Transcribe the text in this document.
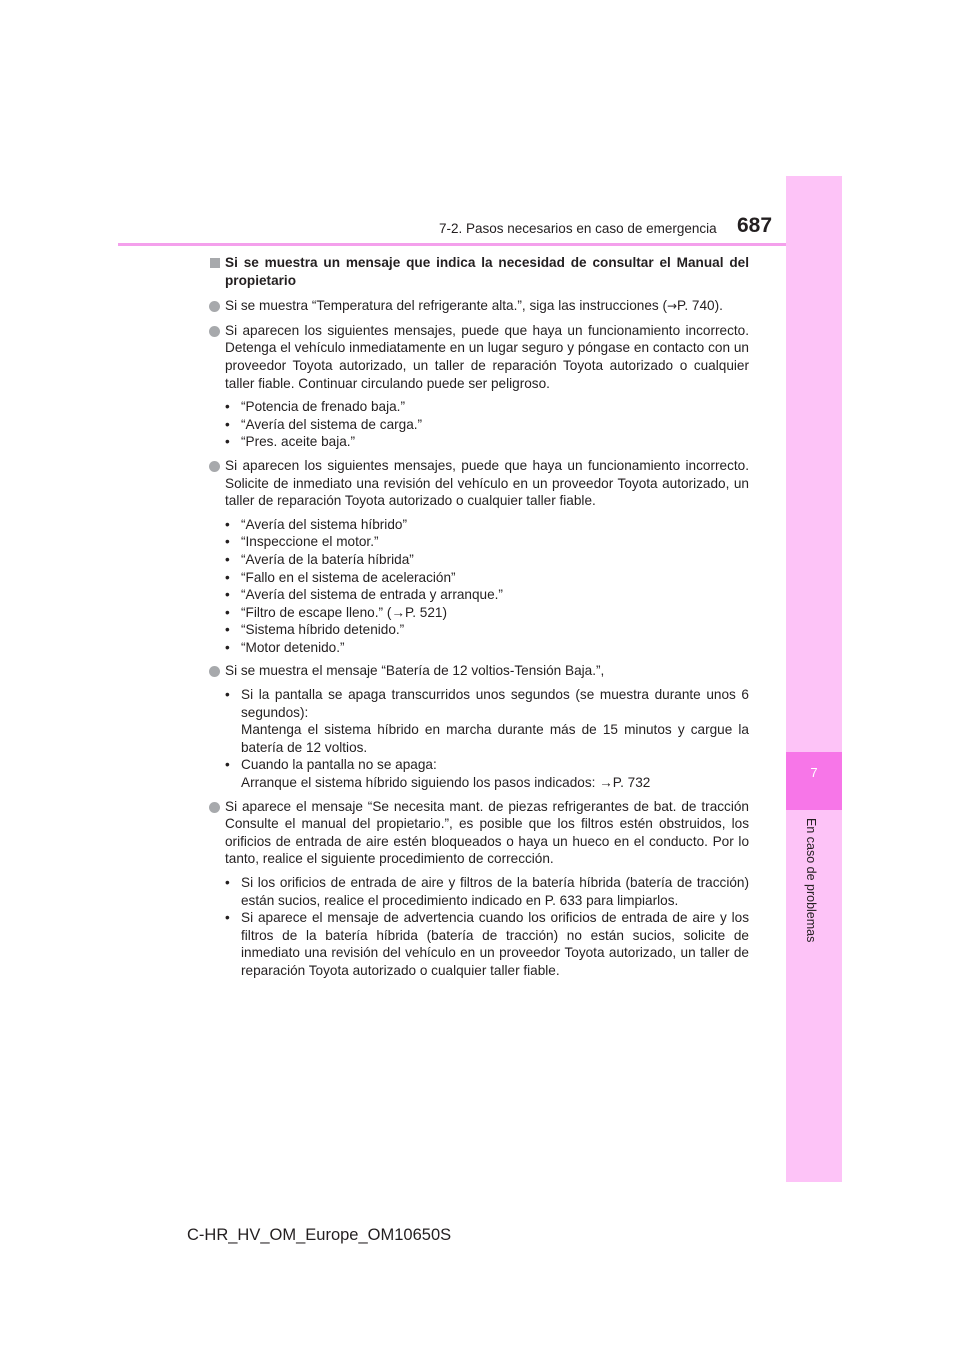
7-2. Pasos necesarios en caso de emergencia 687
7
En caso de problemas
Si se muestra un mensaje que indica la necesidad de consultar el Manual del propietario
Si se muestra “Temperatura del refrigerante alta.”, siga las instrucciones (→P. 740).
Si aparecen los siguientes mensajes, puede que haya un funcionamiento incorrecto. Detenga el vehículo inmediatamente en un lugar seguro y póngase en contacto con un proveedor Toyota autorizado, un taller de reparación Toyota autorizado o cualquier taller fiable. Continuar circulando puede ser peligroso.
• “Potencia de frenado baja.”
• “Avería del sistema de carga.”
• “Pres. aceite baja.”
Si aparecen los siguientes mensajes, puede que haya un funcionamiento incorrecto. Solicite de inmediato una revisión del vehículo en un proveedor Toyota autorizado, un taller de reparación Toyota autorizado o cualquier taller fiable.
• “Avería del sistema híbrido”
• “Inspeccione el motor.”
• “Avería de la batería híbrida”
• “Fallo en el sistema de aceleración”
• “Avería del sistema de entrada y arranque.”
• “Filtro de escape lleno.” (→P. 521)
• “Sistema híbrido detenido.”
• “Motor detenido.”
Si se muestra el mensaje “Batería de 12 voltios-Tensión Baja.”,
• Si la pantalla se apaga transcurridos unos segundos (se muestra durante unos 6 segundos):
Mantenga el sistema híbrido en marcha durante más de 15 minutos y cargue la batería de 12 voltios.
• Cuando la pantalla no se apaga:
Arranque el sistema híbrido siguiendo los pasos indicados: →P. 732
Si aparece el mensaje “Se necesita mant. de piezas refrigerantes de bat. de tracción Consulte el manual del propietario.”, es posible que los filtros estén obstruidos, los orificios de entrada de aire estén bloqueados o haya un hueco en el conducto. Por lo tanto, realice el siguiente procedimiento de corrección.
• Si los orificios de entrada de aire y filtros de la batería híbrida (batería de tracción) están sucios, realice el procedimiento indicado en P. 633 para limpiarlos.
• Si aparece el mensaje de advertencia cuando los orificios de entrada de aire y los filtros de la batería híbrida (batería de tracción) no están sucios, solicite de inmediato una revisión del vehículo en un proveedor Toyota autorizado, un taller de reparación Toyota autorizado o cualquier taller fiable.
C-HR_HV_OM_Europe_OM10650S
